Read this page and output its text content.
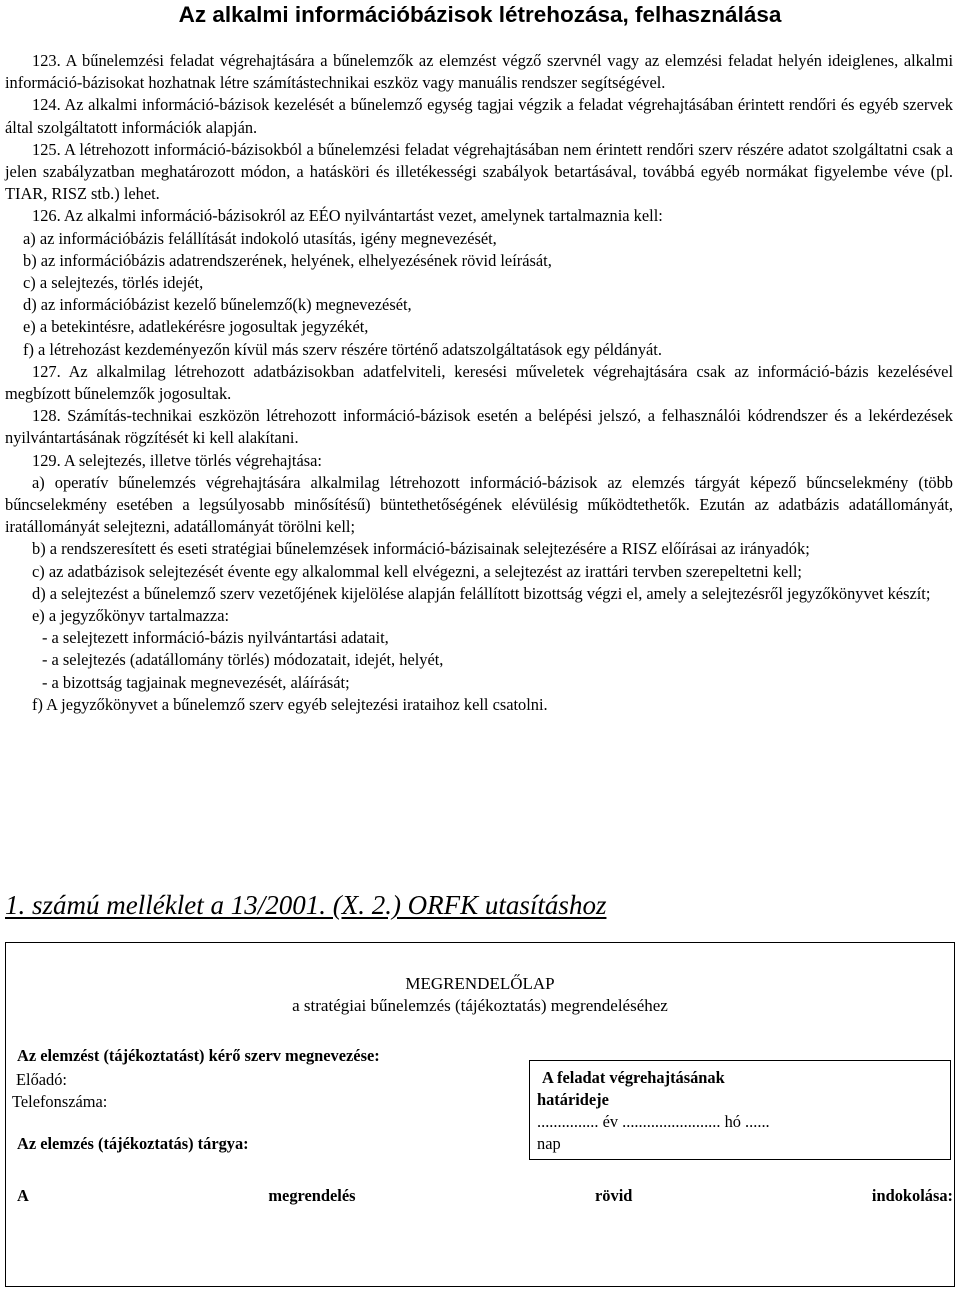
Az alkalmi információbázisok létrehozása, felhasználása

123. A bűnelemzési feladat végrehajtására a bűnelemzők az elemzést végző szervnél vagy az elemzési feladat helyén ideiglenes, alkalmi információ-bázisokat hozhatnak létre számítástechnikai eszköz vagy manuális rendszer segítségével.

124. Az alkalmi információ-bázisok kezelését a bűnelemző egység tagjai végzik a feladat végrehajtásában érintett rendőri és egyéb szervek által szolgáltatott információk alapján.

125. A létrehozott információ-bázisokból a bűnelemzési feladat végrehajtásában nem érintett rendőri szerv részére adatot szolgáltatni csak a jelen szabályzatban meghatározott módon, a hatásköri és illetékességi szabályok betartásával, továbbá egyéb normákat figyelembe véve (pl. TIAR, RISZ stb.) lehet.

126. Az alkalmi információ-bázisokról az EÉO nyilvántartást vezet, amelynek tartalmaznia kell:

a) az információbázis felállítását indokoló utasítás, igény megnevezését,

b) az információbázis adatrendszerének, helyének, elhelyezésének rövid leírását,

c) a selejtezés, törlés idejét,

d) az információbázist kezelő bűnelemző(k) megnevezését,

e) a betekintésre, adatlekérésre jogosultak jegyzékét,

f) a létrehozást kezdeményezőn kívül más szerv részére történő adatszolgáltatások egy példányát.

127. Az alkalmilag létrehozott adatbázisokban adatfelviteli, keresési műveletek végrehajtására csak az információ-bázis kezelésével megbízott bűnelemzők jogosultak.

128. Számítás-technikai eszközön létrehozott információ-bázisok esetén a belépési jelszó, a felhasználói kódrendszer és a lekérdezések nyilvántartásának rögzítését ki kell alakítani.

129. A selejtezés, illetve törlés végrehajtása:

a) operatív bűnelemzés végrehajtására alkalmilag létrehozott információ-bázisok az elemzés tárgyát képező bűncselekmény (több bűncselekmény esetében a legsúlyosabb minősítésű) büntethetőségének elévülésig működtethetők. Ezután az adatbázis adatállományát, iratállományát selejtezni, adatállományát törölni kell;

b) a rendszeresített és eseti stratégiai bűnelemzések információ-bázisainak selejtezésére a RISZ előírásai az irányadók;

c) az adatbázisok selejtezését évente egy alkalommal kell elvégezni, a selejtezést az irattári tervben szerepeltetni kell;

d) a selejtezést a bűnelemző szerv vezetőjének kijelölése alapján felállított bizottság végzi el, amely a selejtezésről jegyzőkönyvet készít;

e) a jegyzőkönyv tartalmazza:

- a selejtezett információ-bázis nyilvántartási adatait,

- a selejtezés (adatállomány törlés) módozatait, idejét, helyét,

- a bizottság tagjainak megnevezését, aláírását;

f) A jegyzőkönyvet a bűnelemző szerv egyéb selejtezési irataihoz kell csatolni.

1. számú melléklet a 13/2001. (X. 2.) ORFK utasításhoz
MEGRENDELŐLAP
a stratégiai bűnelemzés (tájékoztatás) megrendeléséhez
Az elemzést (tájékoztatást) kérő szerv megnevezése:
Előadó:
Telefonszáma:
A feladat végrehajtásának
határideje
............... év ........................ hó ......
nap
Az elemzés (tájékoztatás) tárgya:
A	megrendelés	rövid	indokolása:
